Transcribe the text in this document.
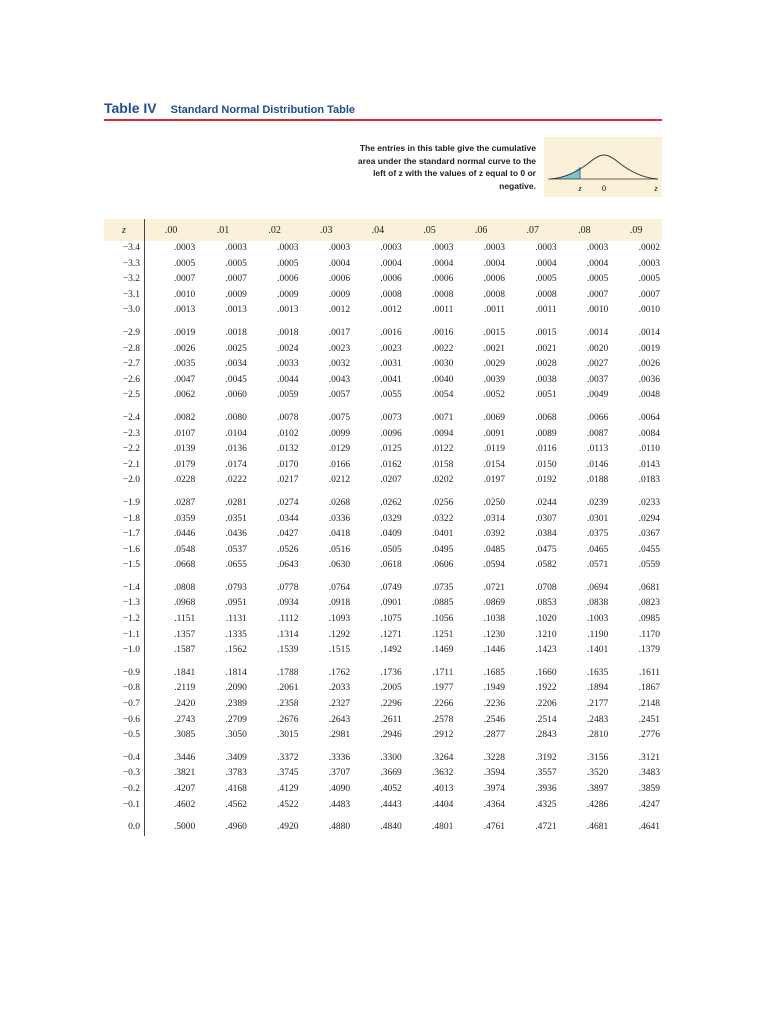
Table IV Standard Normal Distribution Table
The entries in this table give the cumulative area under the standard normal curve to the left of z with the values of z equal to 0 or negative.	z	0	z
z	.00	.01	.02	.03	.04	.05	.06	.07	.08	.09
−3.4	.0003	.0003	.0003	.0003	.0003	.0003	.0003	.0003	.0003	.0002
−3.3	.0005	.0005	.0005	.0004	.0004	.0004	.0004	.0004	.0004	.0003
−3.2	.0007	.0007	.0006	.0006	.0006	.0006	.0006	.0005	.0005	.0005
−3.1	.0010	.0009	.0009	.0009	.0008	.0008	.0008	.0008	.0007	.0007
−3.0	.0013	.0013	.0013	.0012	.0012	.0011	.0011	.0011	.0010	.0010

−2.9	.0019	.0018	.0018	.0017	.0016	.0016	.0015	.0015	.0014	.0014
−2.8	.0026	.0025	.0024	.0023	.0023	.0022	.0021	.0021	.0020	.0019
−2.7	.0035	.0034	.0033	.0032	.0031	.0030	.0029	.0028	.0027	.0026
−2.6	.0047	.0045	.0044	.0043	.0041	.0040	.0039	.0038	.0037	.0036
−2.5	.0062	.0060	.0059	.0057	.0055	.0054	.0052	.0051	.0049	.0048

−2.4	.0082	.0080	.0078	.0075	.0073	.0071	.0069	.0068	.0066	.0064
−2.3	.0107	.0104	.0102	.0099	.0096	.0094	.0091	.0089	.0087	.0084
−2.2	.0139	.0136	.0132	.0129	.0125	.0122	.0119	.0116	.0113	.0110
−2.1	.0179	.0174	.0170	.0166	.0162	.0158	.0154	.0150	.0146	.0143
−2.0	.0228	.0222	.0217	.0212	.0207	.0202	.0197	.0192	.0188	.0183

−1.9	.0287	.0281	.0274	.0268	.0262	.0256	.0250	.0244	.0239	.0233
−1.8	.0359	.0351	.0344	.0336	.0329	.0322	.0314	.0307	.0301	.0294
−1.7	.0446	.0436	.0427	.0418	.0409	.0401	.0392	.0384	.0375	.0367
−1.6	.0548	.0537	.0526	.0516	.0505	.0495	.0485	.0475	.0465	.0455
−1.5	.0668	.0655	.0643	.0630	.0618	.0606	.0594	.0582	.0571	.0559

−1.4	.0808	.0793	.0778	.0764	.0749	.0735	.0721	.0708	.0694	.0681
−1.3	.0968	.0951	.0934	.0918	.0901	.0885	.0869	.0853	.0838	.0823
−1.2	.1151	.1131	.1112	.1093	.1075	.1056	.1038	.1020	.1003	.0985
−1.1	.1357	.1335	.1314	.1292	.1271	.1251	.1230	.1210	.1190	.1170
−1.0	.1587	.1562	.1539	.1515	.1492	.1469	.1446	.1423	.1401	.1379

−0.9	.1841	.1814	.1788	.1762	.1736	.1711	.1685	.1660	.1635	.1611
−0.8	.2119	.2090	.2061	.2033	.2005	.1977	.1949	.1922	.1894	.1867
−0.7	.2420	.2389	.2358	.2327	.2296	.2266	.2236	.2206	.2177	.2148
−0.6	.2743	.2709	.2676	.2643	.2611	.2578	.2546	.2514	.2483	.2451
−0.5	.3085	.3050	.3015	.2981	.2946	.2912	.2877	.2843	.2810	.2776

−0.4	.3446	.3409	.3372	.3336	.3300	.3264	.3228	.3192	.3156	.3121
−0.3	.3821	.3783	.3745	.3707	.3669	.3632	.3594	.3557	.3520	.3483
−0.2	.4207	.4168	.4129	.4090	.4052	.4013	.3974	.3936	.3897	.3859
−0.1	.4602	.4562	.4522	.4483	.4443	.4404	.4364	.4325	.4286	.4247

0.0	.5000	.4960	.4920	.4880	.4840	.4801	.4761	.4721	.4681	.4641
